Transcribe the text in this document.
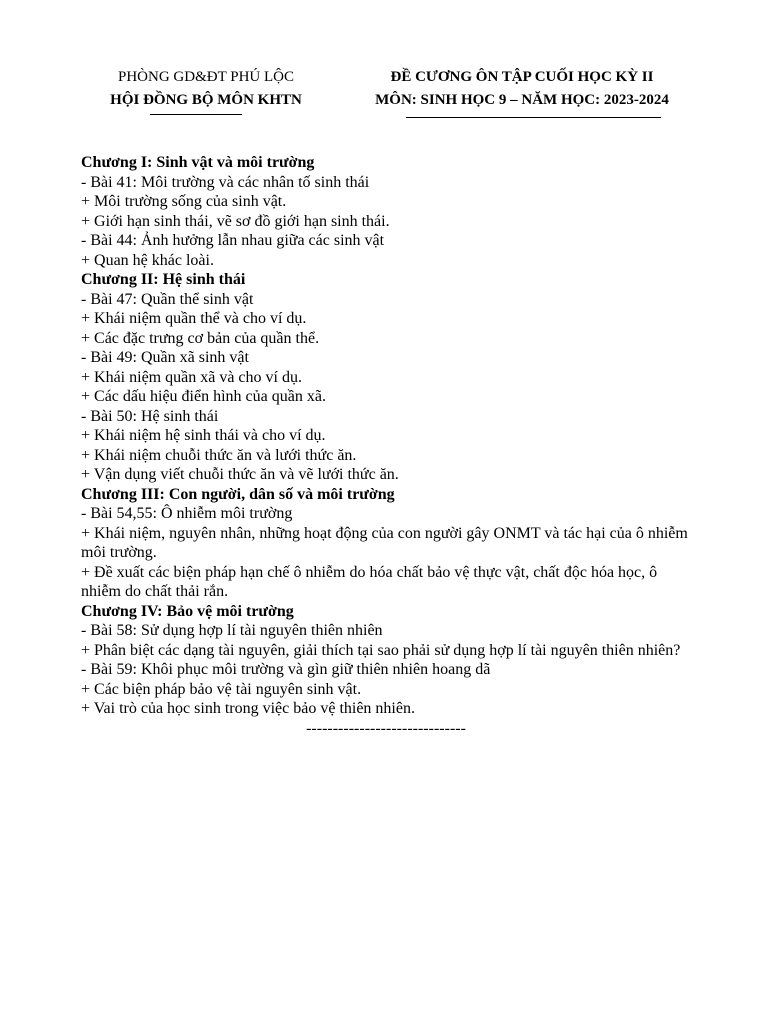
PHÒNG GD&ĐT PHÚ LỘC
HỘI ĐỒNG BỘ MÔN KHTN
ĐỀ CƯƠNG ÔN TẬP CUỐI HỌC KỲ II
MÔN: SINH HỌC 9 – NĂM HỌC: 2023-2024
Chương I: Sinh vật và môi trường
- Bài 41: Môi trường và các nhân tố sinh thái
+ Môi trường sống của sinh vật.
+ Giới hạn sinh thái, vẽ sơ đồ giới hạn sinh thái.
- Bài 44: Ảnh hưởng lẫn nhau giữa các sinh vật
+ Quan hệ khác loài.
Chương II: Hệ sinh thái
- Bài 47: Quần thể sinh vật
+ Khái niệm quần thể và cho ví dụ.
+ Các đặc trưng cơ bản của quần thể.
- Bài 49: Quần xã sinh vật
+ Khái niệm quần xã và cho ví dụ.
+ Các dấu hiệu điển hình của quần xã.
- Bài 50: Hệ sinh thái
+ Khái niệm hệ sinh thái và cho ví dụ.
+ Khái niệm chuỗi thức ăn và lưới thức ăn.
+ Vận dụng viết chuỗi thức ăn và vẽ lưới thức ăn.
Chương III: Con người, dân số và môi trường
- Bài 54,55: Ô nhiễm môi trường
+ Khái niệm, nguyên nhân, những hoạt động của con người gây ONMT và tác hại của ô nhiễm môi trường.
+ Đề xuất các biện pháp hạn chế ô nhiễm do hóa chất bảo vệ thực vật, chất độc hóa học, ô nhiễm do chất thải rắn.
Chương IV: Bảo vệ môi trường
- Bài 58: Sử dụng hợp lí tài nguyên thiên nhiên
+ Phân biệt các dạng tài nguyên, giải thích tại sao phải sử dụng hợp lí tài nguyên thiên nhiên?
- Bài 59: Khôi phục môi trường và gìn giữ thiên nhiên hoang dã
+ Các biện pháp bảo vệ tài nguyên sinh vật.
+ Vai trò của học sinh trong việc bảo vệ thiên nhiên.
------------------------------
